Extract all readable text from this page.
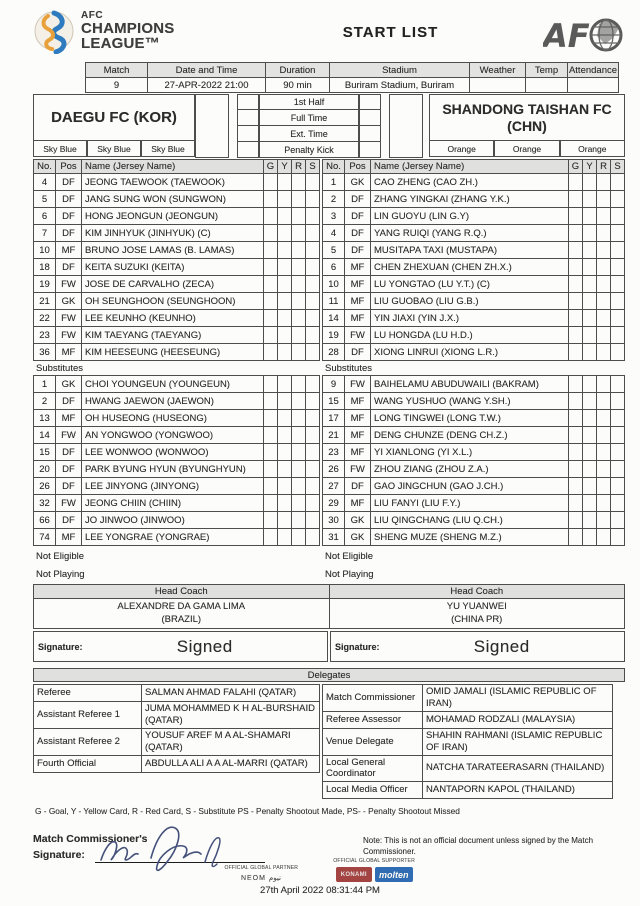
AFC
CHAMPIONS
LEAGUE™
START LIST	AF
Match	Date and Time	Duration	Stadium	Weather	Temp	Attendance
9	27-APR-2022 21:00	90 min	Buriram Stadium, Buriram			
DAEGU FC (KOR)
Sky Blue	Sky Blue	Sky Blue
1st Half
Full Time
Ext. Time
Penalty Kick
SHANDONG TAISHAN FC (CHN)
Orange	Orange	Orange
No.	Pos	Name (Jersey Name)	G	Y	R	S
4	DF	JEONG TAEWOOK (TAEWOOK)				
5	DF	JANG SUNG WON (SUNGWON)				
6	DF	HONG JEONGUN (JEONGUN)				
7	DF	KIM JINHYUK (JINHYUK) (C)				
10	MF	BRUNO JOSE LAMAS (B. LAMAS)				
18	DF	KEITA SUZUKI (KEITA)				
19	FW	JOSE DE CARVALHO (ZECA)				
21	GK	OH SEUNGHOON (SEUNGHOON)				
22	FW	LEE KEUNHO (KEUNHO)				
23	FW	KIM TAEYANG (TAEYANG)				
36	MF	KIM HEESEUNG (HEESEUNG)				
Substitutes
1	GK	CHOI YOUNGEUN (YOUNGEUN)				
2	DF	HWANG JAEWON (JAEWON)				
13	MF	OH HUSEONG (HUSEONG)				
14	FW	AN YONGWOO (YONGWOO)				
15	DF	LEE WONWOO (WONWOO)				
20	DF	PARK BYUNG HYUN (BYUNGHYUN)				
26	DF	LEE JINYONG (JINYONG)				
32	FW	JEONG CHIIN (CHIIN)				
66	DF	JO JINWOO (JINWOO)				
74	MF	LEE YONGRAE (YONGRAE)				
Not Eligible
Not Playing
No.	Pos	Name (Jersey Name)	G	Y	R	S
1	GK	CAO ZHENG (CAO ZH.)				
2	DF	ZHANG YINGKAI (ZHANG Y.K.)				
3	DF	LIN GUOYU (LIN G.Y)				
4	DF	YANG RUIQI (YANG R.Q.)				
5	DF	MUSITAPA TAXI (MUSTAPA)				
6	MF	CHEN ZHEXUAN (CHEN ZH.X.)				
10	MF	LU YONGTAO (LU Y.T.) (C)				
11	MF	LIU GUOBAO (LIU G.B.)				
14	MF	YIN JIAXI (YIN J.X.)				
19	FW	LU HONGDA (LU H.D.)				
28	DF	XIONG LINRUI (XIONG L.R.)				
Substitutes
9	FW	BAIHELAMU ABUDUWAILI (BAKRAM)				
15	MF	WANG YUSHUO (WANG Y.SH.)				
17	MF	LONG TINGWEI (LONG T.W.)				
21	MF	DENG CHUNZE (DENG CH.Z.)				
23	MF	YI XIANLONG (YI X.L.)				
26	FW	ZHOU ZIANG (ZHOU Z.A.)				
27	DF	GAO JINGCHUN (GAO J.CH.)				
29	MF	LIU FANYI (LIU F.Y.)				
30	GK	LIU QINGCHANG (LIU Q.CH.)				
31	GK	SHENG MUZE (SHENG M.Z.)				
Not Eligible
Not Playing
Head Coach	Head Coach

ALEXANDRE DA GAMA LIMA
(BRAZIL)

YU YUANWEI
(CHINA PR)
Signature:	Signed	Signature:	Signed
Delegates
Referee	SALMAN AHMAD FALAHI (QATAR)
Assistant Referee 1	JUMA MOHAMMED K H AL-BURSHAID (QATAR)
Assistant Referee 2	YOUSUF AREF M A AL-SHAMARI (QATAR)
Fourth Official	ABDULLA ALI A A AL-MARRI (QATAR)
Match Commissioner	OMID JAMALI (ISLAMIC REPUBLIC OF IRAN)
Referee Assessor	MOHAMAD RODZALI (MALAYSIA)
Venue Delegate	SHAHIN RAHMANI (ISLAMIC REPUBLIC OF IRAN)
Local General Coordinator	NATCHA TARATEERASARN (THAILAND)
Local Media Officer	NANTAPORN KAPOL (THAILAND)
G - Goal, Y - Yellow Card, R - Red Card, S - Substitute PS - Penalty Shootout Made, PS- - Penalty Shootout Missed
Match Commissioner's
Signature:
Note: This is not an official document unless signed by the Match Commissioner.
OFFICIAL GLOBAL PARTNER
NEOM نيوم
OFFICIAL GLOBAL SUPPORTER
KONAMI	molten
27th April 2022 08:31:44 PM
